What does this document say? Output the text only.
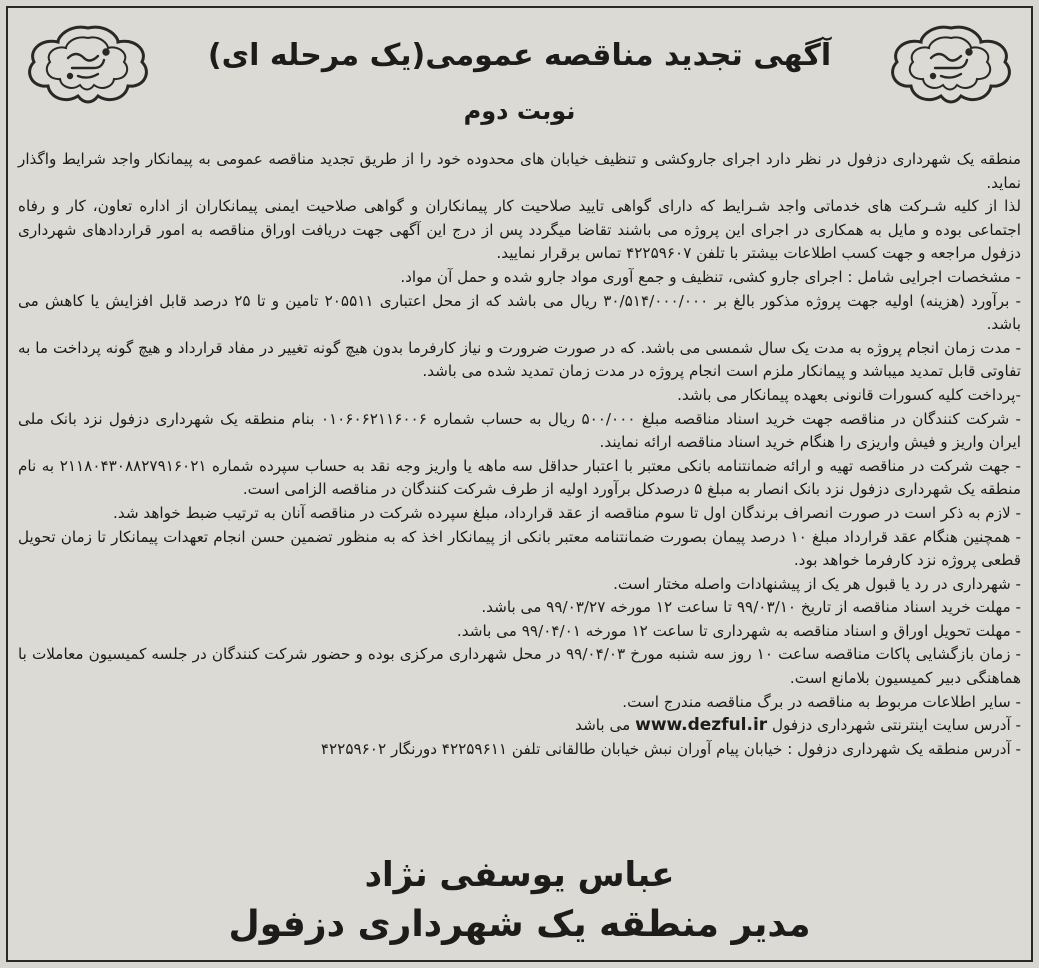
آگهی تجدید مناقصه عمومی(یک مرحله ای)
نوبت دوم

منطقه یک شهرداری دزفول در نظر دارد اجرای جاروکشی و تنظیف خیابان های محدوده خود را از طریق تجدید مناقصه عمومی به پیمانکار واجد شرایط واگذار نماید.

لذا از کلیه شـرکت های خدماتی واجد شـرایط که دارای گواهی تایید صلاحیت کار پیمانکاران و گواهی صلاحیت ایمنی پیمانکاران از اداره تعاون، کار و رفاه اجتماعی بوده و مایل به همکاری در اجرای این پروژه می باشند تقاضا میگردد پس از درج این آگهی جهت دریافت اوراق مناقصه به امور قراردادهای شهرداری دزفول مراجعه و جهت کسب اطلاعات بیشتر با تلفن ۴۲۲۵۹۶۰۷ تماس برقرار نمایید.

- مشخصات اجرایی شامل : اجرای جارو کشی، تنظیف و جمع آوری مواد جارو شده و حمل آن مواد.

- برآورد (هزینه) اولیه جهت پروژه مذکور بالغ بر ۳۰/۵۱۴/۰۰۰/۰۰۰ ریال می باشد که از محل اعتباری ۲۰۵۵۱۱ تامین و تا ۲۵ درصد قابل افزایش یا کاهش می باشد.

- مدت زمان انجام پروژه به مدت یک سال شمسی می باشد. که در صورت ضرورت و نیاز کارفرما بدون هیچ گونه تغییر در مفاد قرارداد و هیچ گونه پرداخت ما به تفاوتی قابل تمدید میباشد و پیمانکار ملزم است انجام پروژه در مدت زمان تمدید شده می باشد.

-پرداخت کلیه کسورات قانونی بعهده پیمانکار می باشد.

- شرکت کنندگان در مناقصه جهت خرید اسناد مناقصه مبلغ ۵۰۰/۰۰۰ ریال به حساب شماره ۰۱۰۶۰۶۲۱۱۶۰۰۶ بنام منطقه یک شهرداری دزفول نزد بانک ملی ایران واریز و فیش واریزی را هنگام خرید اسناد مناقصه ارائه نمایند.

- جهت شرکت در مناقصه تهیه و ارائه ضمانتنامه بانکی معتبر با اعتبار حداقل سه ماهه یا واریز وجه نقد به حساب سپرده شماره ۲۱۱۸۰۴۳۰۸۸۲۷۹۱۶۰۲۱ به نام منطقه یک شهرداری دزفول نزد بانک انصار به مبلغ ۵ درصدکل برآورد اولیه از طرف شرکت کنندگان در مناقصه الزامی است.

- لازم به ذکر است در صورت انصراف برندگان اول تا سوم مناقصه از عقد قرارداد، مبلغ سپرده شرکت در مناقصه آنان به ترتیب ضبط خواهد شد.

- همچنین هنگام عقد قرارداد مبلغ ۱۰ درصد پیمان بصورت ضمانتنامه معتبر بانکی از پیمانکار اخذ که به منظور تضمین حسن انجام تعهدات پیمانکار تا زمان تحویل قطعی پروژه نزد کارفرما خواهد بود.

- شهرداری در رد یا قبول هر یک از پیشنهادات واصله مختار است.

- مهلت خرید اسناد مناقصه از تاریخ ۹۹/۰۳/۱۰ تا ساعت ۱۲ مورخه ۹۹/۰۳/۲۷ می باشد.

- مهلت تحویل اوراق و اسناد مناقصه به شهرداری تا ساعت ۱۲ مورخه ۹۹/۰۴/۰۱ می باشد.

- زمان بازگشایی پاکات مناقصه ساعت ۱۰ روز سه شنبه مورخ ۹۹/۰۴/۰۳ در محل شهرداری مرکزی بوده و حضور شرکت کنندگان در جلسه کمیسیون معاملات با هماهنگی دبیر کمیسیون بلامانع است.

- سایر اطلاعات مربوط به مناقصه در برگ مناقصه مندرج است.

- آدرس سایت اینترنتی شهرداری دزفول www.dezful.ir می باشد

- آدرس منطقه یک شهرداری دزفول : خیابان پیام آوران نبش خیابان طالقانی تلفن ۴۲۲۵۹۶۱۱ دورنگار ۴۲۲۵۹۶۰۲

عباس یوسفی نژاد
مدیر منطقه یک شهرداری دزفول
